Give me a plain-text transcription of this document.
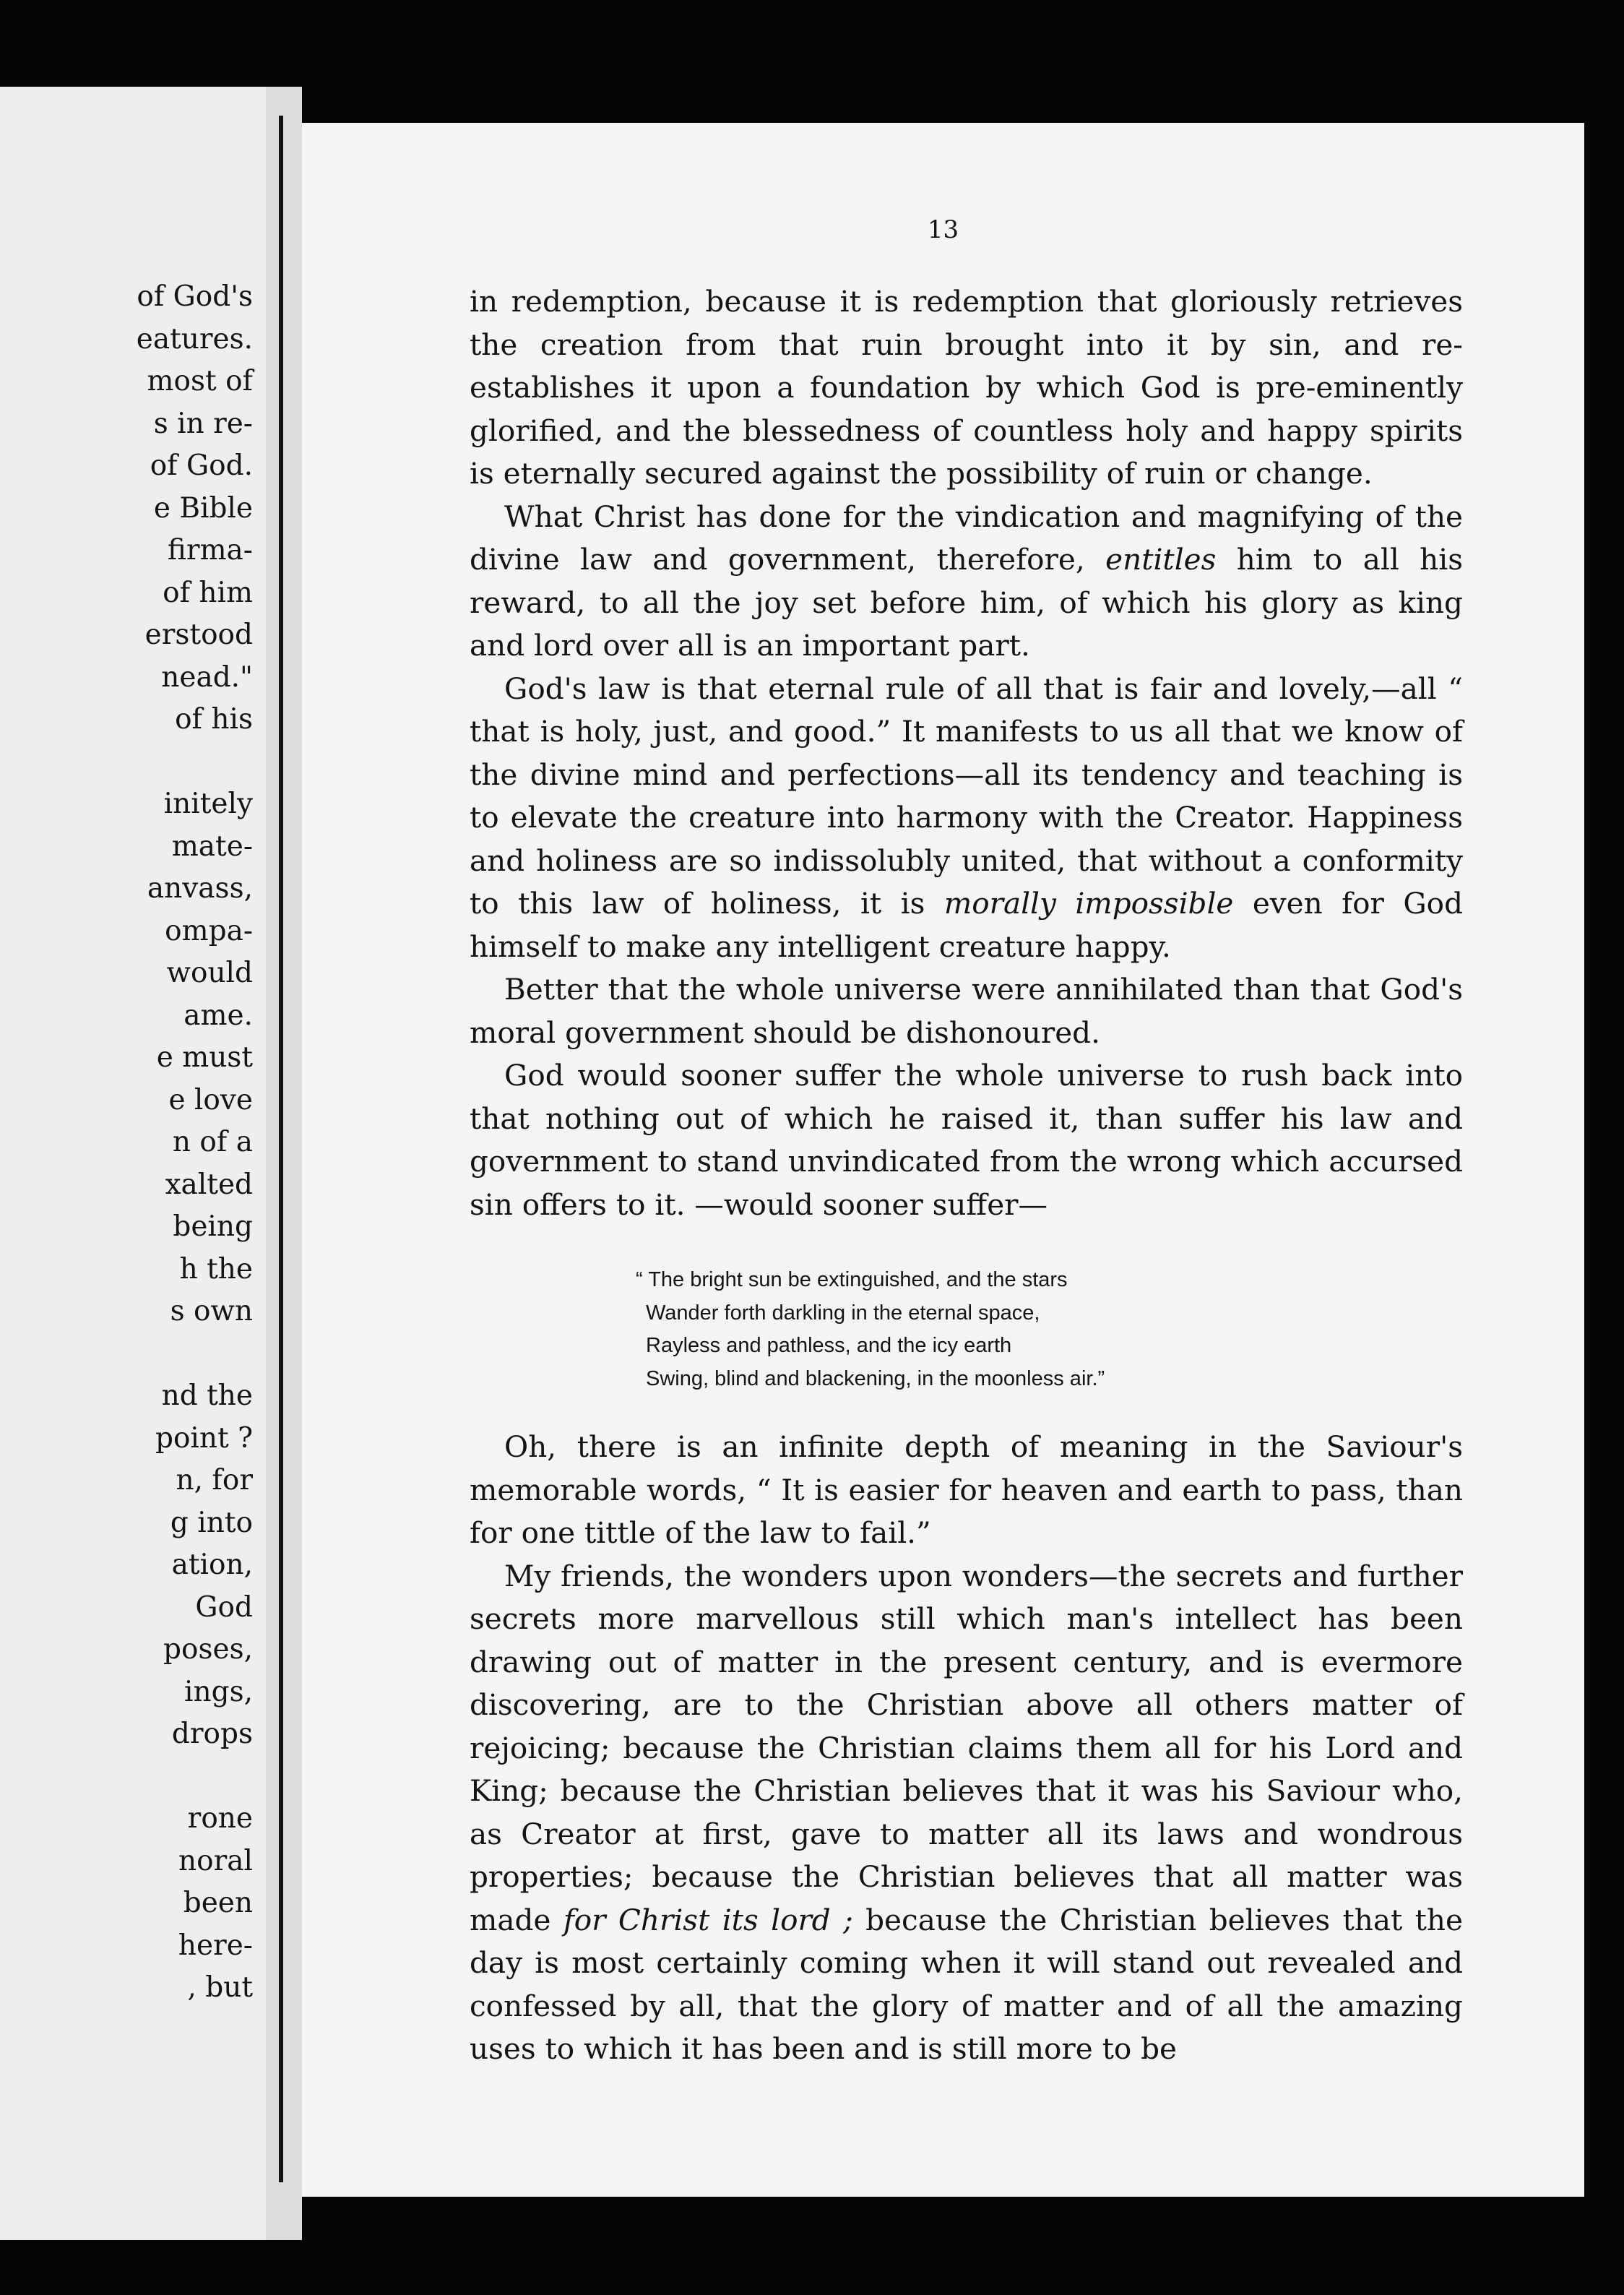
of God's
eatures.
most of
s in re-
of God.
e Bible
firma-
of him
erstood
nead."
of his

initely
mate-
anvass,
ompa-
would
ame.
e must
e love
n of a
xalted
being
h the
s own

nd the
point ?
n, for
g into
ation,
God
poses,
ings,
drops

rone
noral
been
here-
, but
13

in redemption, because it is redemption that gloriously retrieves the creation from that ruin brought into it by sin, and re-establishes it upon a foundation by which God is pre-eminently glorified, and the blessedness of countless holy and happy spirits is eternally secured against the possibility of ruin or change.

What Christ has done for the vindication and magnifying of the divine law and government, therefore, entitles him to all his reward, to all the joy set before him, of which his glory as king and lord over all is an important part.

God's law is that eternal rule of all that is fair and lovely,—all “ that is holy, just, and good.” It manifests to us all that we know of the divine mind and perfections—all its tendency and teaching is to elevate the creature into harmony with the Creator. Happiness and holiness are so indissolubly united, that without a conformity to this law of holiness, it is morally impossible even for God himself to make any intelligent creature happy.

Better that the whole universe were annihilated than that God's moral government should be dishonoured.

God would sooner suffer the whole universe to rush back into that nothing out of which he raised it, than suffer his law and government to stand unvindicated from the wrong which accursed sin offers to it. —would sooner suffer—

“ The bright sun be extinguished, and the stars
Wander forth darkling in the eternal space,
Rayless and pathless, and the icy earth
Swing, blind and blackening, in the moonless air.”

Oh, there is an infinite depth of meaning in the Saviour's memorable words, “ It is easier for heaven and earth to pass, than for one tittle of the law to fail.”

My friends, the wonders upon wonders—the secrets and further secrets more marvellous still which man's intellect has been drawing out of matter in the present century, and is evermore discovering, are to the Christian above all others matter of rejoicing; because the Christian claims them all for his Lord and King; because the Christian believes that it was his Saviour who, as Creator at first, gave to matter all its laws and wondrous properties; because the Christian believes that all matter was made for Christ its lord ; because the Christian believes that the day is most certainly coming when it will stand out revealed and confessed by all, that the glory of matter and of all the amazing uses to which it has been and is still more to be
